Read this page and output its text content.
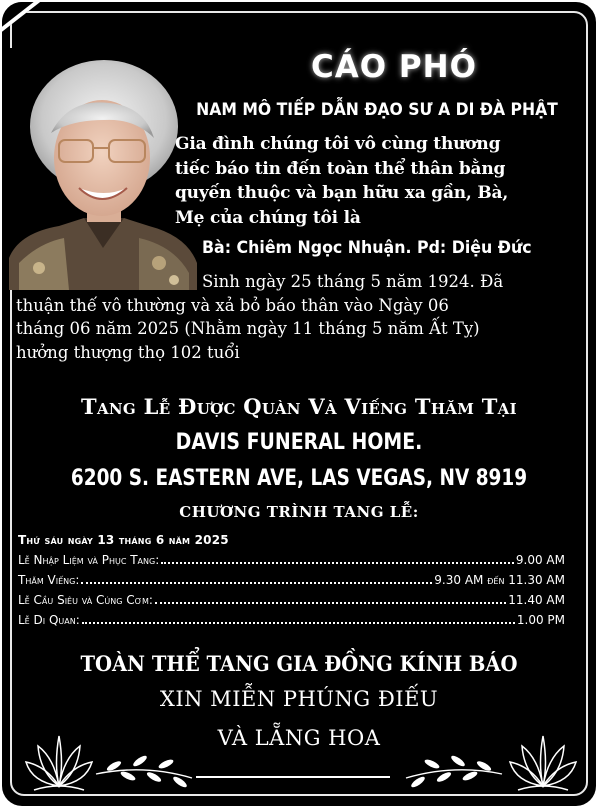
CÁO PHÓ
NAM MÔ TIẾP DẪN ĐẠO SƯ A DI ĐÀ PHẬT
Gia đình chúng tôi vô cùng thương
tiếc báo tin đến toàn thể thân bằng
quyến thuộc và bạn hữu xa gần, Bà,
Mẹ của chúng tôi là
Bà: Chiêm Ngọc Nhuận. Pd: Diệu Đức
Sinh ngày 25 tháng 5 năm 1924. Đã
thuận thế vô thường và xả bỏ báo thân vào Ngày 06
tháng 06 năm 2025 (Nhằm ngày 11 tháng 5 năm Ất Tỵ)
hưởng thượng thọ 102 tuổi
Tang Lễ Được Quàn Và Viếng Thăm Tại
DAVIS FUNERAL HOME.
6200 S. EASTERN AVE, LAS VEGAS, NV 8919
CHƯƠNG TRÌNH TANG LỄ:
Thứ sáu ngày 13 tháng 6 năm 2025
Lễ Nhập Liệm và Phục Tang:	9.00 AM
Thăm Viếng:	9.30 AM đến 11.30 AM
Lễ Cầu Siêu và Cúng Cơm:	11.40 AM
Lễ Di Quan:	1.00 PM
TOÀN THỂ TANG GIA ĐỒNG KÍNH BÁO
XIN MIỄN PHÚNG ĐIẾU
VÀ LẴNG HOA
